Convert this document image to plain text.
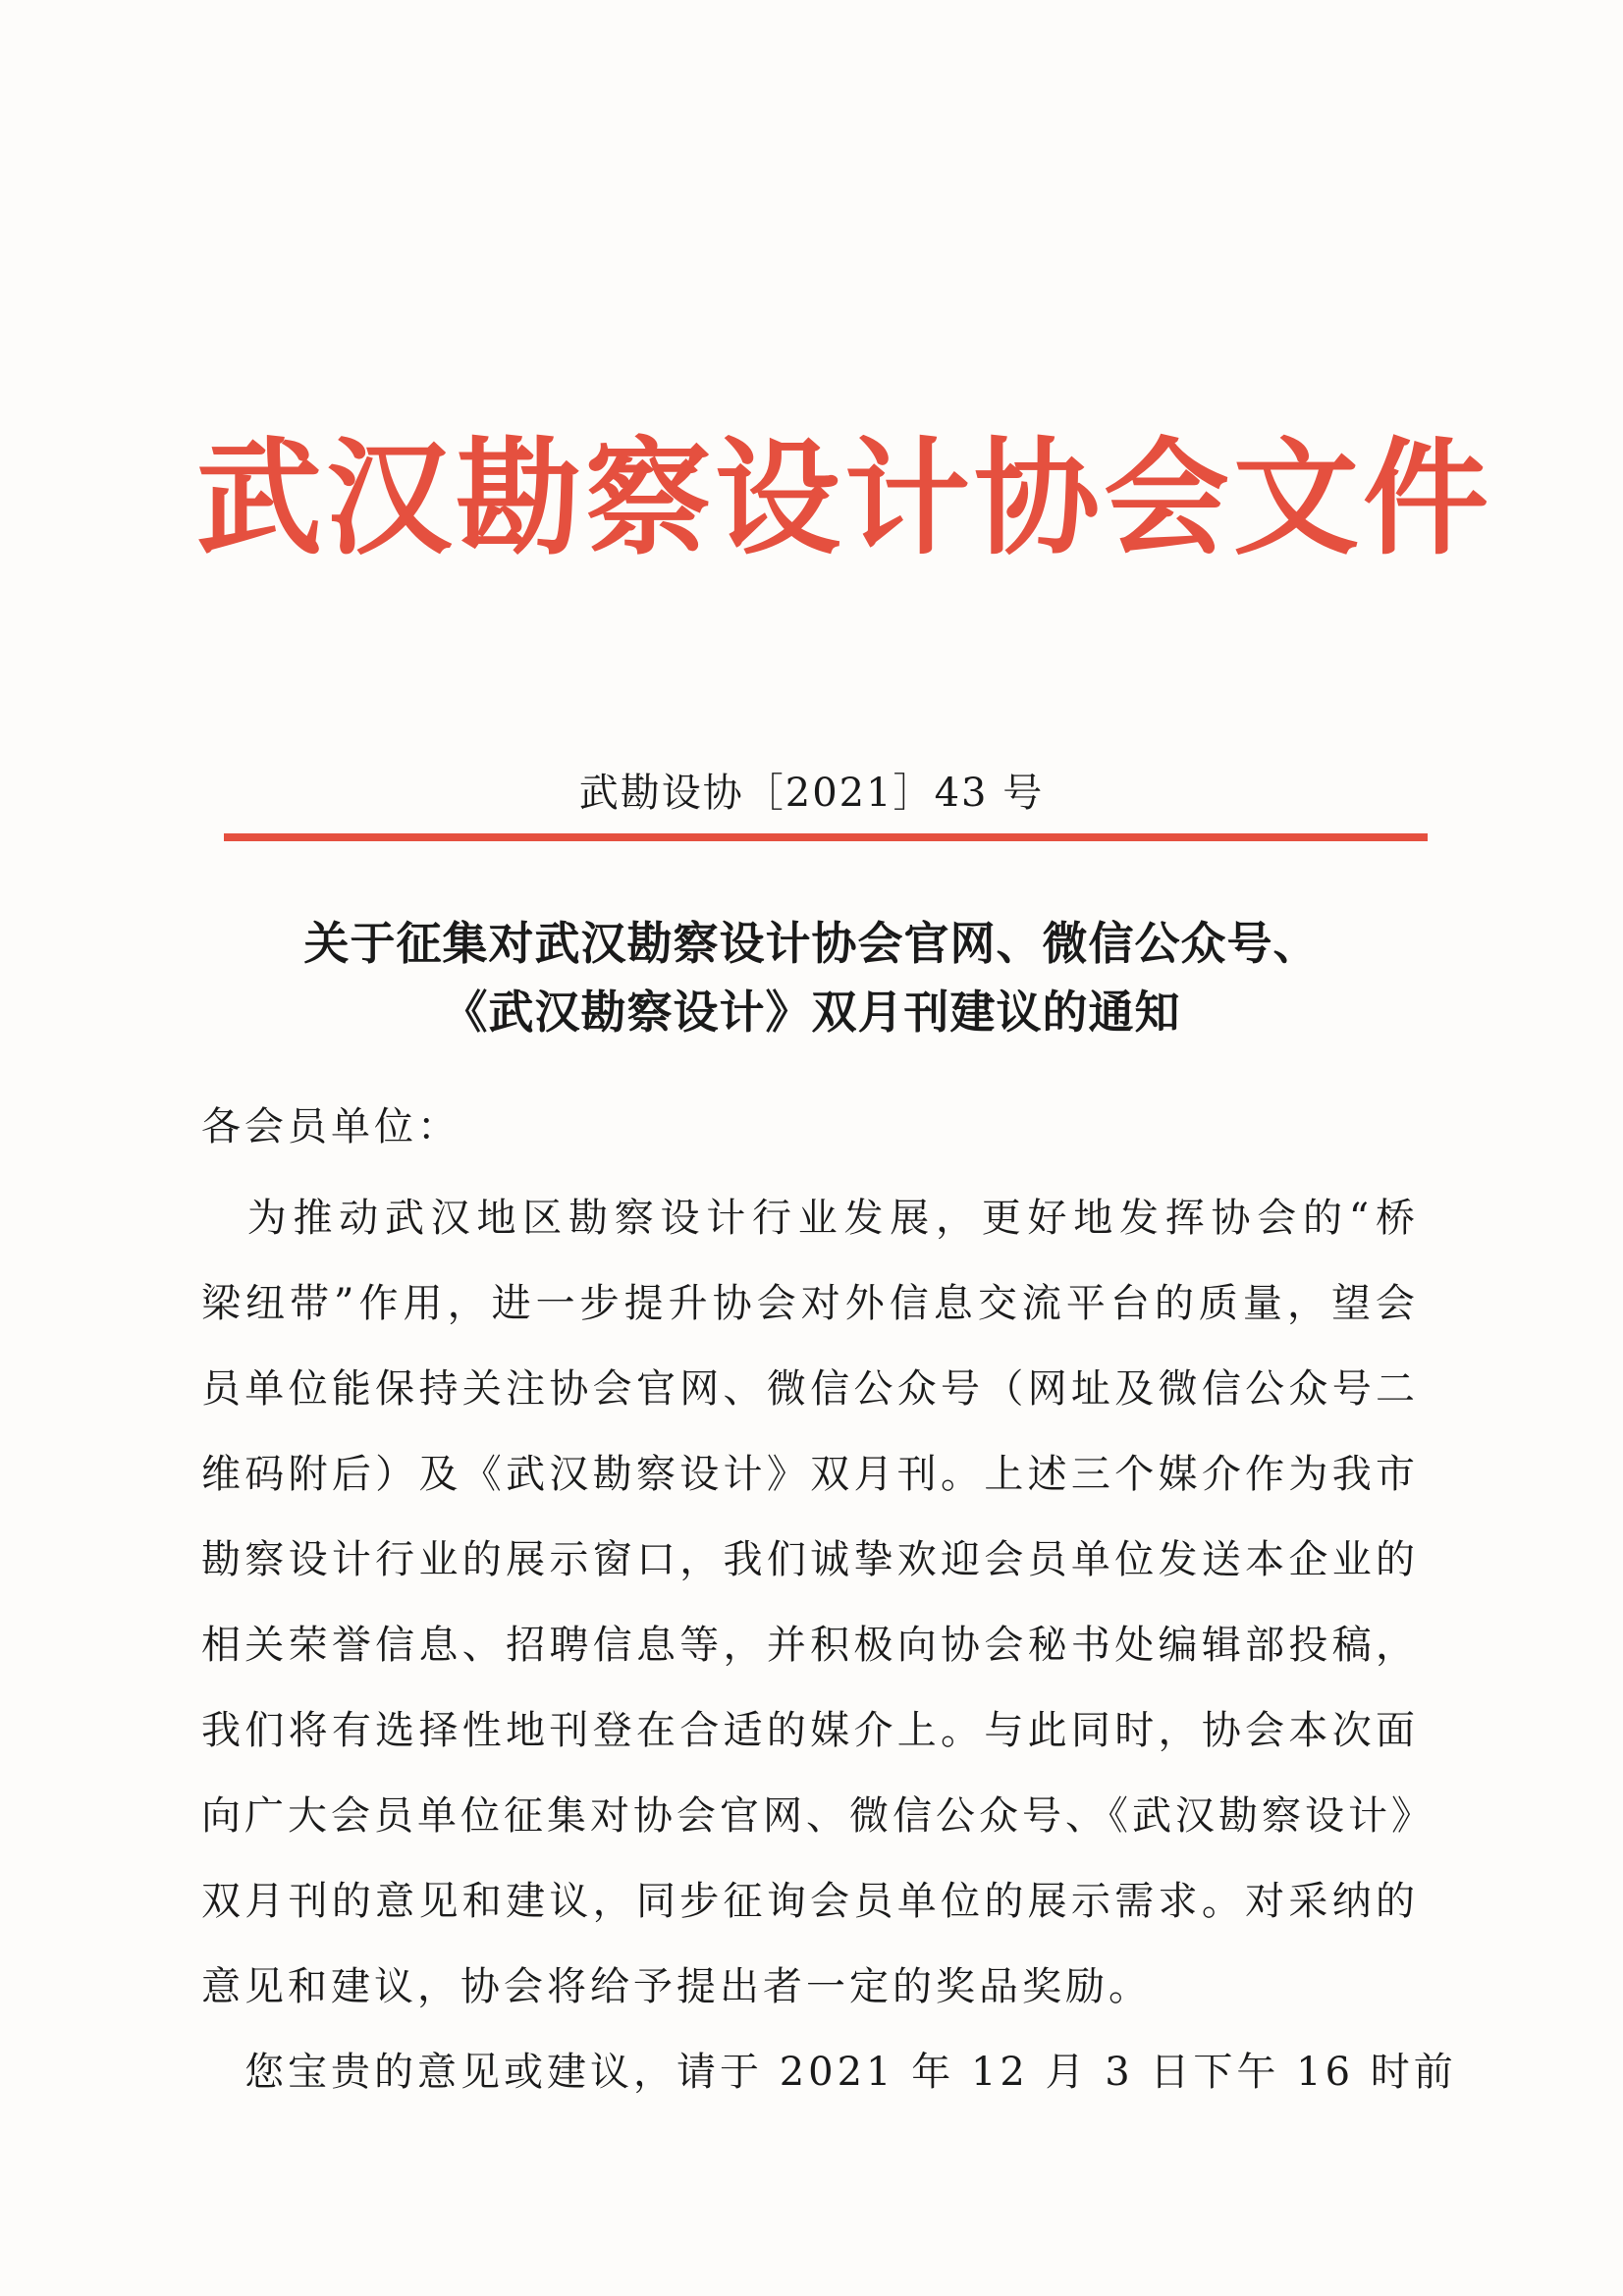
武汉勘察设计协会文件
武勘设协［2021］43 号
关于征集对武汉勘察设计协会官网、微信公众号、
《武汉勘察设计》双月刊建议的通知
各会员单位：
　为推动武汉地区勘察设计行业发展，更好地发挥协会的“桥
梁纽带”作用，进一步提升协会对外信息交流平台的质量，望会
员单位能保持关注协会官网、微信公众号（网址及微信公众号二
维码附后）及《武汉勘察设计》双月刊。上述三个媒介作为我市
勘察设计行业的展示窗口，我们诚挚欢迎会员单位发送本企业的
相关荣誉信息、招聘信息等，并积极向协会秘书处编辑部投稿，
我们将有选择性地刊登在合适的媒介上。与此同时，协会本次面
向广大会员单位征集对协会官网、微信公众号、《武汉勘察设计》
双月刊的意见和建议，同步征询会员单位的展示需求。对采纳的
意见和建议，协会将给予提出者一定的奖品奖励。
　您宝贵的意见或建议，请于 2021 年 12 月 3 日下午 16 时前
